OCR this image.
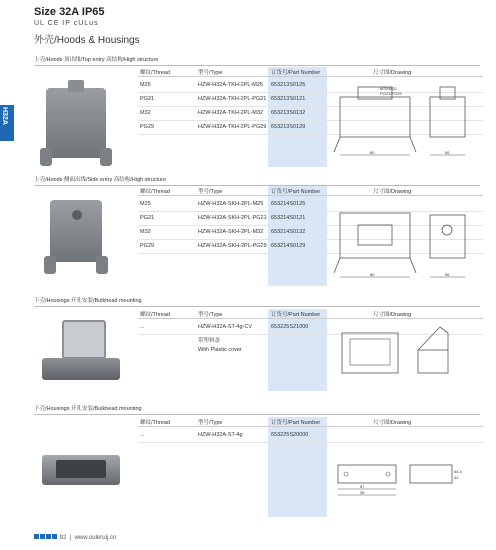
Size 32A IP65
UL CE IP cULus
外壳/Hoods & Housings
H32A
上壳/Hoods 顶出线/Top entry 高结构/High structure
螺纹/Thread	型号/Type	订货号/Part Number	尺寸图/Drawing
M25	HZW-H32A-TKH-2PL-M25 653213S0125
PG21	HZW-H32A-TKH-2PL-PG21 653213S0121
M32	HZW-H32A-TKH-2PL-M32 653213S0132
PG29	HZW-H32A-TKH-2PL-PG29 653213S0129
M25/M32
PG21/PG29
80	56
上壳/Hoods 侧面出线/Side entry 高结构/High structure
螺纹/Thread	型号/Type	订货号/Part Number	尺寸图/Drawing
M25	HZW-H32A-SKH-2PL-M25 653214S0125
PG21	HZW-H32A-SKH-2PL-PG21 653214S0121
M32	HZW-H32A-SKH-2PL-M32 653214S0132
PG29	HZW-H32A-SKH-2PL-PG29 653214S0129
80	56
下壳/Housings 开孔安装/Bulkhead mounting
螺纹/Thread	型号/Type	订货号/Part Number	尺寸图/Drawing
...	HZW-H32A-ST-4g-CV	653225S21000
带塑料盖
With Plastic cover
下壳/Housings 开孔安装/Bulkhead mounting
螺纹/Thread	型号/Type	订货号/Part Number	尺寸图/Drawing
...	HZW-H32A-ST-4g	653225S20000
57
36
64.4
42
92  |  www.ouleruij.cn
